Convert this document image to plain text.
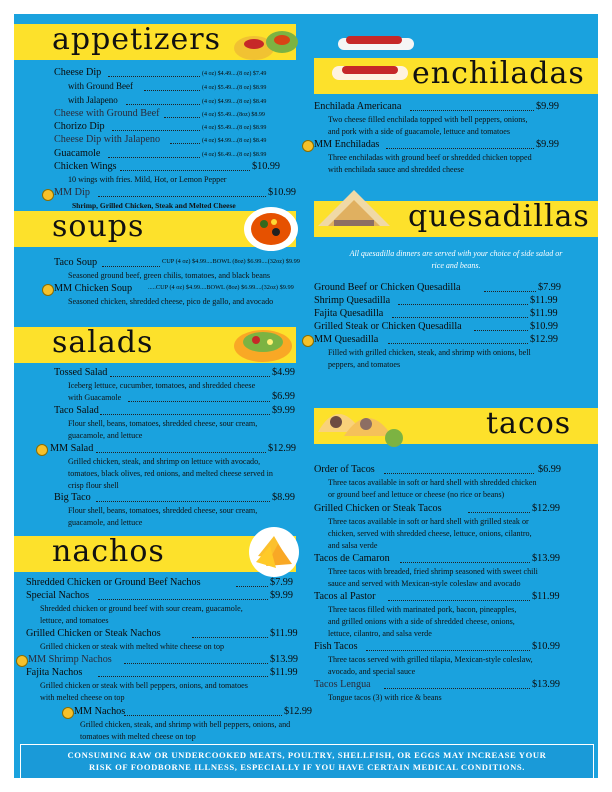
appetizers
Cheese Dip	(4 oz) $4.49....(8 oz) $7.49
with Ground Beef	(4 oz) $5.49....(8 oz) $8.99
with Jalapeno	(4 oz) $4.99....(8 oz) $8.49
Cheese with Ground Beef	(4 oz) $5.49....(8oz) $8.99
Chorizo Dip	(4 oz) $5.49....(8 oz) $8.99
Cheese Dip with Jalapeno	(4 oz) $4.99....(8 oz) $8.49
Guacamole	(4 oz) $6.49....(8 oz) $8.99
Chicken Wings	$10.99
10 wings with fries. Mild, Hot, or Lemon Pepper
MM Dip	$10.99
Shrimp, Grilled Chicken, Steak and Melted Cheese
soups
Taco Soup	CUP (4 oz) $4.99....BOWL (8oz) $6.99....(32oz) $9.99
Seasoned ground beef, green chilis, tomatoes, and black beans
MM Chicken Soup	.....CUP (4 oz) $4.99....BOWL (8oz) $6.99....(32oz) $9.99
Seasoned chicken, shredded cheese, pico de gallo, and avocado
salads
Tossed Salad	$4.99
Iceberg lettuce, cucumber, tomatoes, and shredded cheese
with Guacamole	$6.99
Taco Salad	$9.99
Flour shell, beans, tomatoes, shredded cheese, sour cream,
guacamole, and lettuce
MM Salad	$12.99
Grilled chicken, steak, and shrimp on lettuce with avocado,
tomatoes, black olives, red onions, and melted cheese served in
crisp flour shell
Big Taco	$8.99
Flour shell, beans, tomatoes, shredded cheese, sour cream,
guacamole, and lettuce
nachos
Shredded Chicken or Ground Beef Nachos	$7.99
Special Nachos	$9.99
Shredded chicken or ground beef with sour cream, guacamole,
lettuce, and tomatoes
Grilled Chicken or Steak Nachos	$11.99
Grilled chicken or steak with melted white cheese on top
MM Shrimp Nachos	$13.99
Fajita Nachos	$11.99
Grilled chicken or steak with bell peppers, onions, and tomatoes
with melted cheese on top
MM Nachos	$12.99
Grilled chicken, steak, and shrimp with bell peppers, onions, and
tomatoes with melted cheese on top
enchiladas
Enchilada Americana	$9.99
Two cheese filled enchilada topped with bell peppers, onions,
and pork with a side of guacamole, lettuce and tomatoes
MM Enchiladas	$9.99
Three enchiladas with ground beef or shredded chicken topped
with enchilada sauce and shredded cheese
quesadillas
All quesadilla dinners are served with your choice of side salad or
rice and beans.
Ground Beef or Chicken Quesadilla	$7.99
Shrimp Quesadilla	$11.99
Fajita Quesadilla	$11.99
Grilled Steak or Chicken Quesadilla	$10.99
MM Quesadilla	$12.99
Filled with grilled chicken, steak, and shrimp with onions, bell
peppers, and tomatoes
tacos
Order of Tacos	$6.99
Three tacos available in soft or hard shell with shredded chicken
or ground beef and lettuce or cheese (no rice or beans)
Grilled Chicken or Steak Tacos	$12.99
Three tacos available in soft or hard shell with grilled steak or
chicken, served with shredded cheese, lettuce, onions, cilantro,
and salsa verde
Tacos de Camaron	$13.99
Three tacos with breaded, fried shrimp seasoned with sweet chili
sauce and served with Mexican-style coleslaw and avocado
Tacos al Pastor	$11.99
Three tacos filled with marinated pork, bacon, pineapples,
and grilled onions with a side of shredded cheese, onions,
lettuce, cilantro, and salsa verde
Fish Tacos	$10.99
Three tacos served with grilled tilapia, Mexican-style coleslaw,
avocado, and special sauce
Tacos Lengua	$13.99
Tongue tacos (3) with rice & beans
CONSUMING RAW OR UNDERCOOKED MEATS, POULTRY, SHELLFISH, OR EGGS MAY INCREASE YOUR
RISK OF FOODBORNE ILLNESS, ESPECIALLY IF YOU HAVE CERTAIN MEDICAL CONDITIONS.
